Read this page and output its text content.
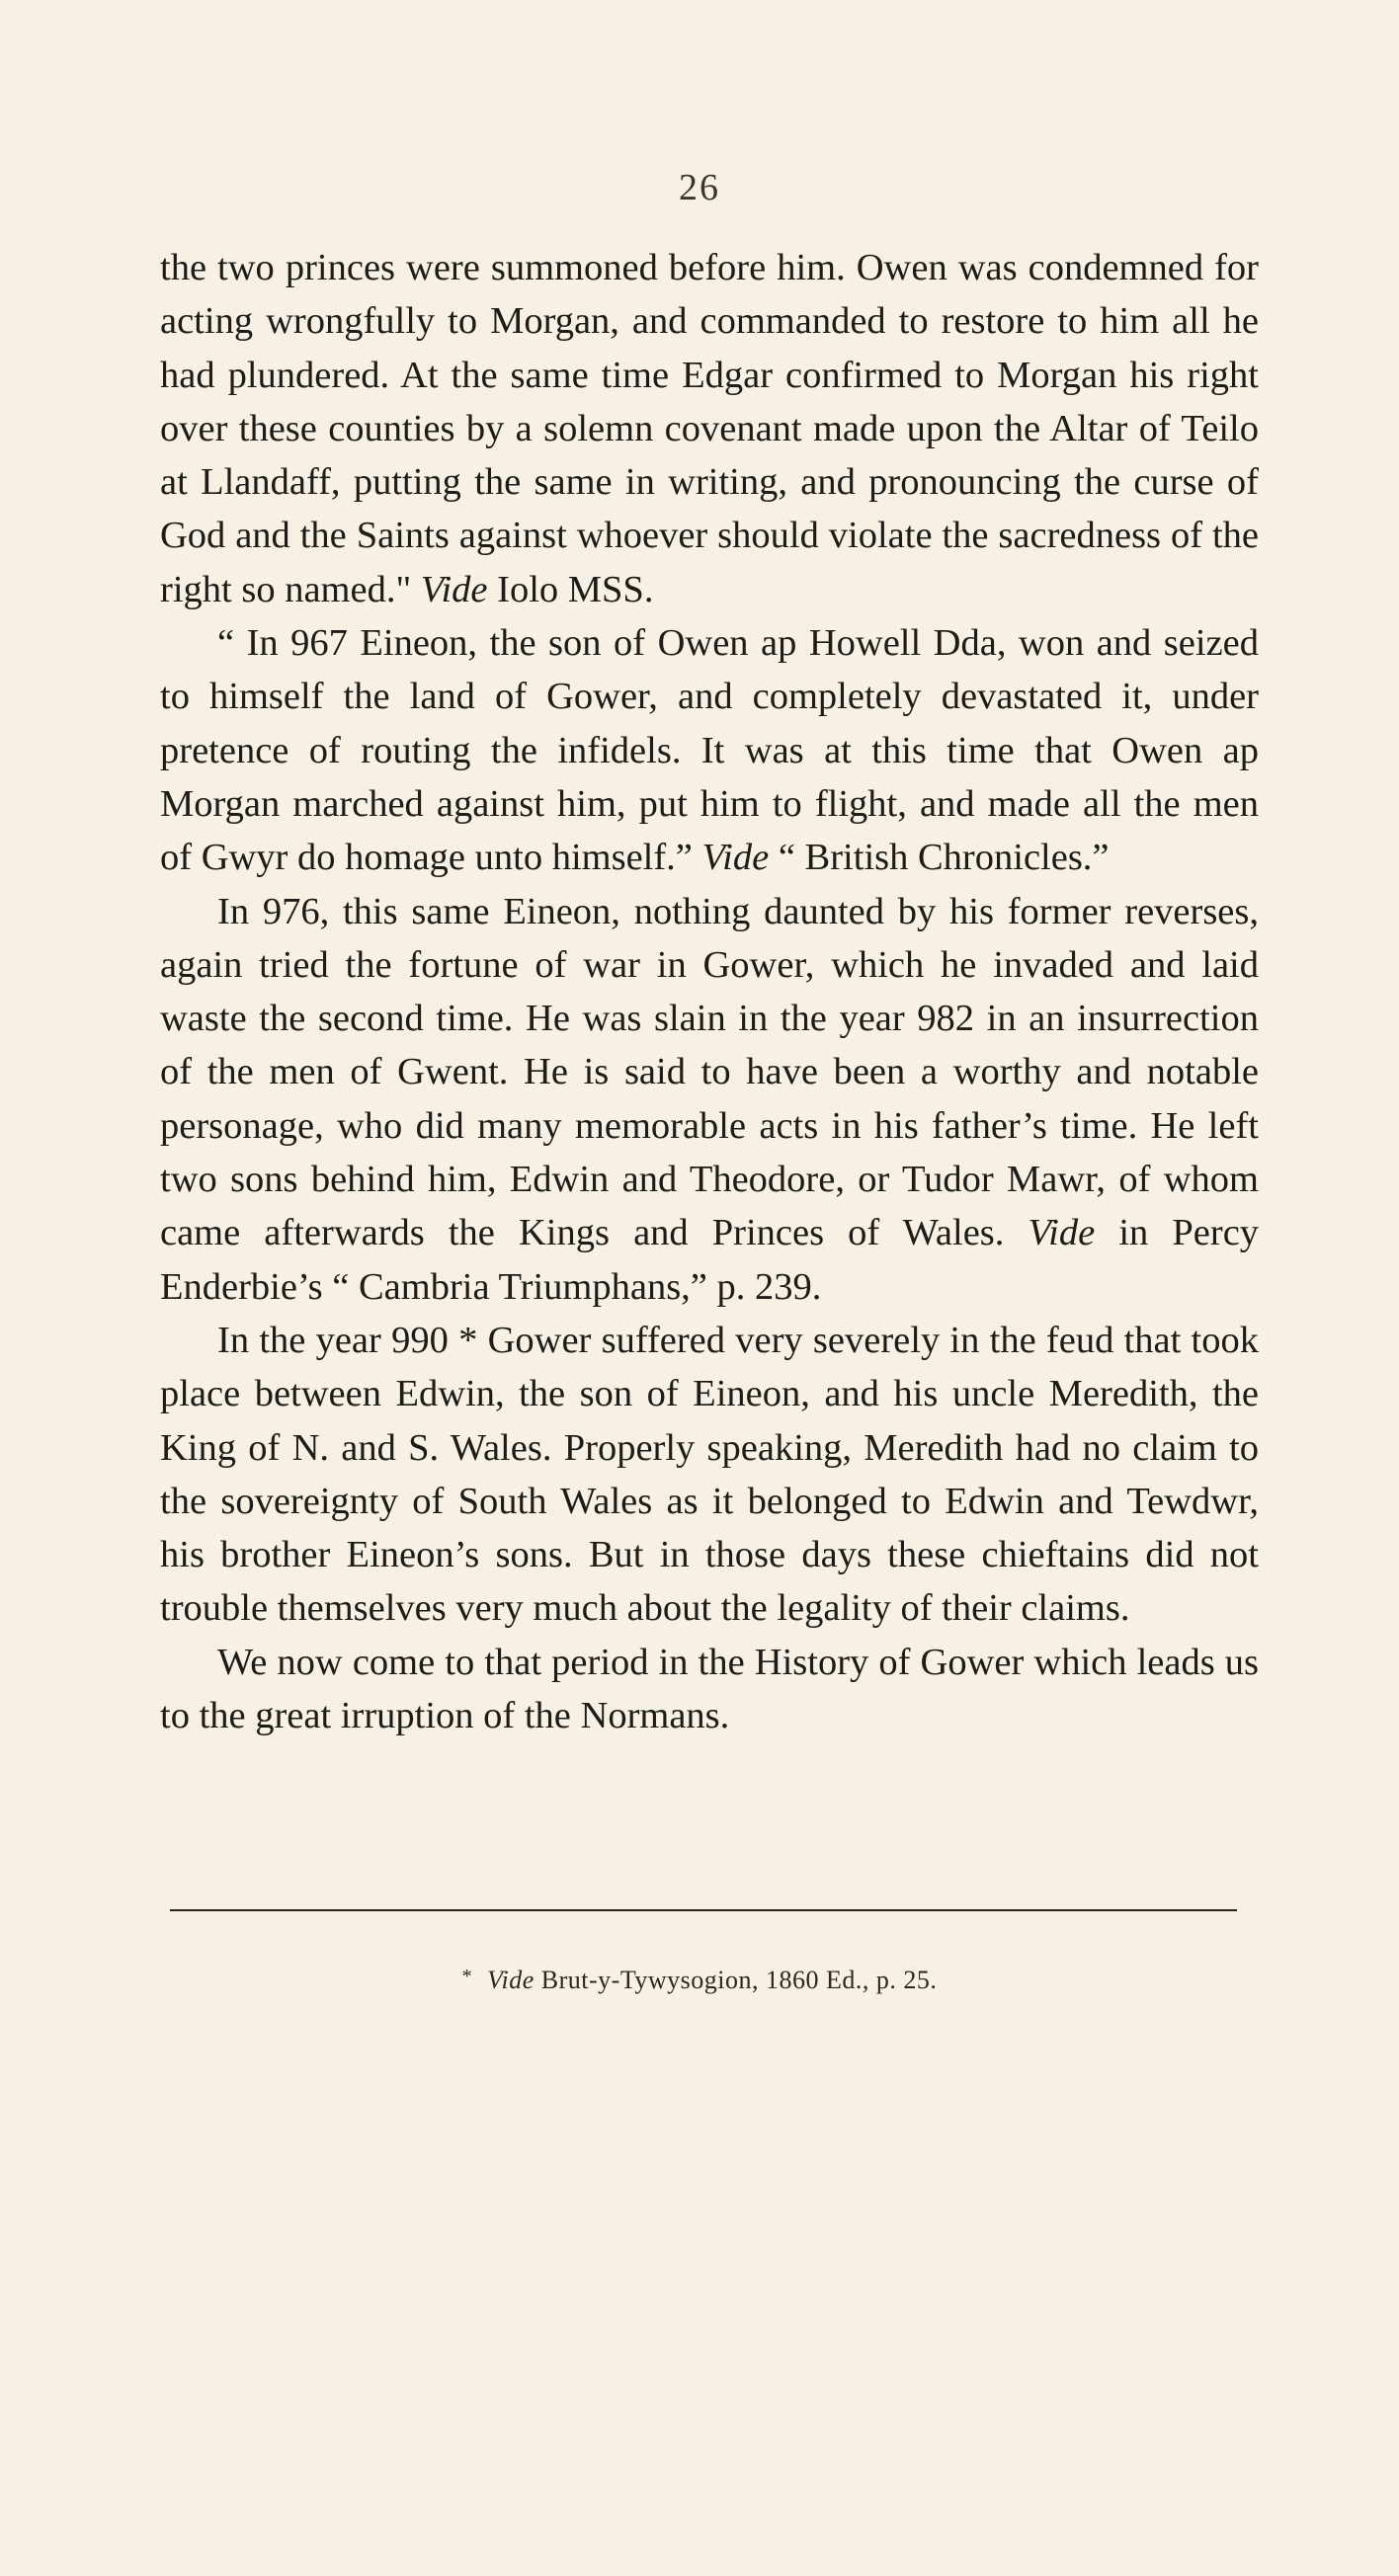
26

the two princes were summoned before him. Owen was condemned for acting wrongfully to Morgan, and commanded to restore to him all he had plundered. At the same time Edgar confirmed to Morgan his right over these counties by a solemn covenant made upon the Altar of Teilo at Llandaff, putting the same in writing, and pronouncing the curse of God and the Saints against whoever should violate the sacredness of the right so named." Vide Iolo MSS.

“ In 967 Eineon, the son of Owen ap Howell Dda, won and seized to himself the land of Gower, and completely devastated it, under pretence of routing the infidels. It was at this time that Owen ap Morgan marched against him, put him to flight, and made all the men of Gwyr do homage unto himself.” Vide “ British Chronicles.”

In 976, this same Eineon, nothing daunted by his former reverses, again tried the fortune of war in Gower, which he invaded and laid waste the second time. He was slain in the year 982 in an insurrection of the men of Gwent. He is said to have been a worthy and notable personage, who did many memorable acts in his father’s time. He left two sons behind him, Edwin and Theodore, or Tudor Mawr, of whom came afterwards the Kings and Princes of Wales. Vide in Percy Enderbie’s “ Cambria Triumphans,” p. 239.

In the year 990 * Gower suffered very severely in the feud that took place between Edwin, the son of Eineon, and his uncle Meredith, the King of N. and S. Wales. Properly speaking, Meredith had no claim to the sovereignty of South Wales as it belonged to Edwin and Tewdwr, his brother Eineon’s sons. But in those days these chieftains did not trouble themselves very much about the legality of their claims.

We now come to that period in the History of Gower which leads us to the great irruption of the Normans.

* Vide Brut-y-Tywysogion, 1860 Ed., p. 25.
